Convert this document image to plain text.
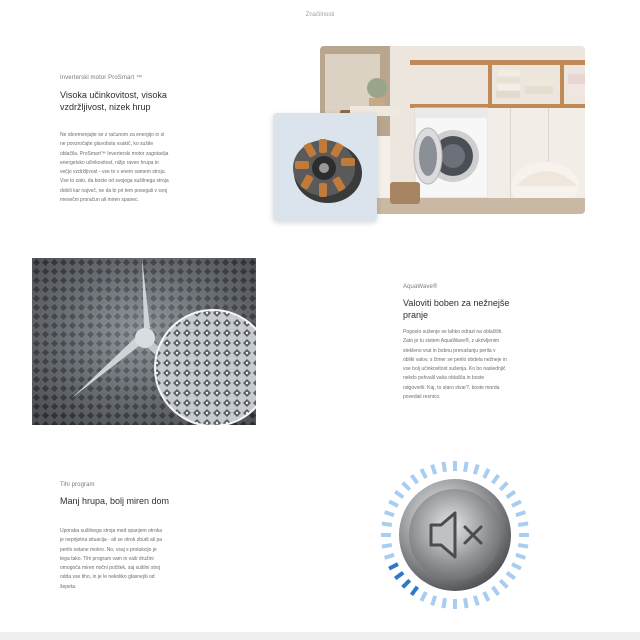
Značilnosti
Inverterski motor ProSmart ™
Visoka učinkovitost, visoka vzdržljivost, nizek hrup
Ne obremenjujte se z računom za energijo in si ne povzročajte glavobola vsakič, ko sušite oblačila. ProSmart™ Inverterski motor zagotavlja energetsko učinkovitost, nižjo raven hrupa in večjo vzdržljivost - vse to v enem samem stroju. Vse to zato, da boste od svojega sušilnega stroja dobili kar največ, ne da bi pri tem posegali v svoj mesečni proračun ali miren spanec.
AquaWave®
Valoviti boben za nežnejše pranje
Pogosto sušenje se lahko odrazi na oblačilih. Zato je tu sistem AquaWave®, z ukrivljenim stekleno vrat in bobnu prenašanju perila v obliki valov, s čimer se perilo obdela nežneje in vse bolj učinkovitost sušenja. Ko bo naslednjič nekdo pohvalil vaša oblačila in boste odgovorili: Kaj, to staro stvar?, boste morda povedali resnico.
Tihi program
Manj hrupa, bolj miren dom
Uporaba sušilnega stroja med spanjem otroka je neprijetna situacija - ali se otrok zbudi ali pa perilo ostane mokro. No, vsaj s protukcijo je tega tako. Tihi program vam in vaši družini omogoča miren nočni počitek, saj sušilni stroj odda vse tiho, in je le nekoliko glasnejši od šepeta.
